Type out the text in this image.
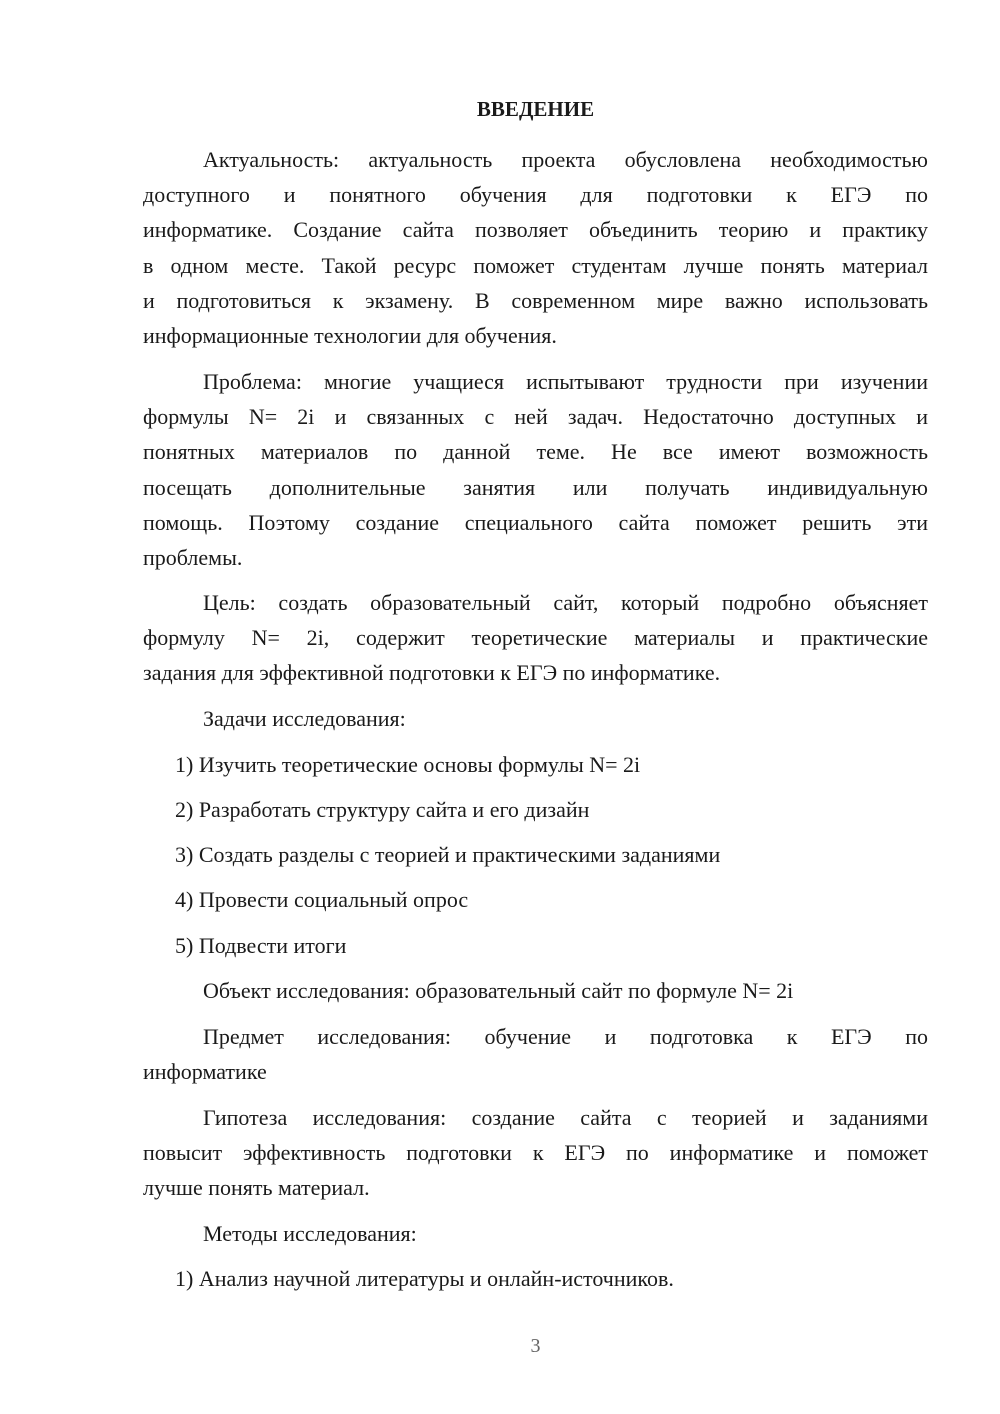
ВВЕДЕНИЕ
Актуальность: актуальность проекта обусловлена необходимостью
доступного и понятного обучения для подготовки к ЕГЭ по
информатике. Создание сайта позволяет объединить теорию и практику
в одном месте. Такой ресурс поможет студентам лучше понять материал
и подготовиться к экзамену. В современном мире важно использовать
информационные технологии для обучения.
Проблема: многие учащиеся испытывают трудности при изучении
формулы N= 2i и связанных с ней задач. Недостаточно доступных и
понятных материалов по данной теме. Не все имеют возможность
посещать дополнительные занятия или получать индивидуальную
помощь. Поэтому создание специального сайта поможет решить эти
проблемы.
Цель: создать образовательный сайт, который подробно объясняет
формулу N= 2i, содержит теоретические материалы и практические
задания для эффективной подготовки к ЕГЭ по информатике.
Задачи исследования:
1) Изучить теоретические основы формулы N= 2i
2) Разработать структуру сайта и его дизайн
3) Создать разделы с теорией и практическими заданиями
4) Провести социальный опрос
5) Подвести итоги
Объект исследования: образовательный сайт по формуле N= 2i
Предмет исследования: обучение и подготовка к ЕГЭ по
информатике
Гипотеза исследования: создание сайта с теорией и заданиями
повысит эффективность подготовки к ЕГЭ по информатике и поможет
лучше понять материал.
Методы исследования:
1) Анализ научной литературы и онлайн-источников.
3
